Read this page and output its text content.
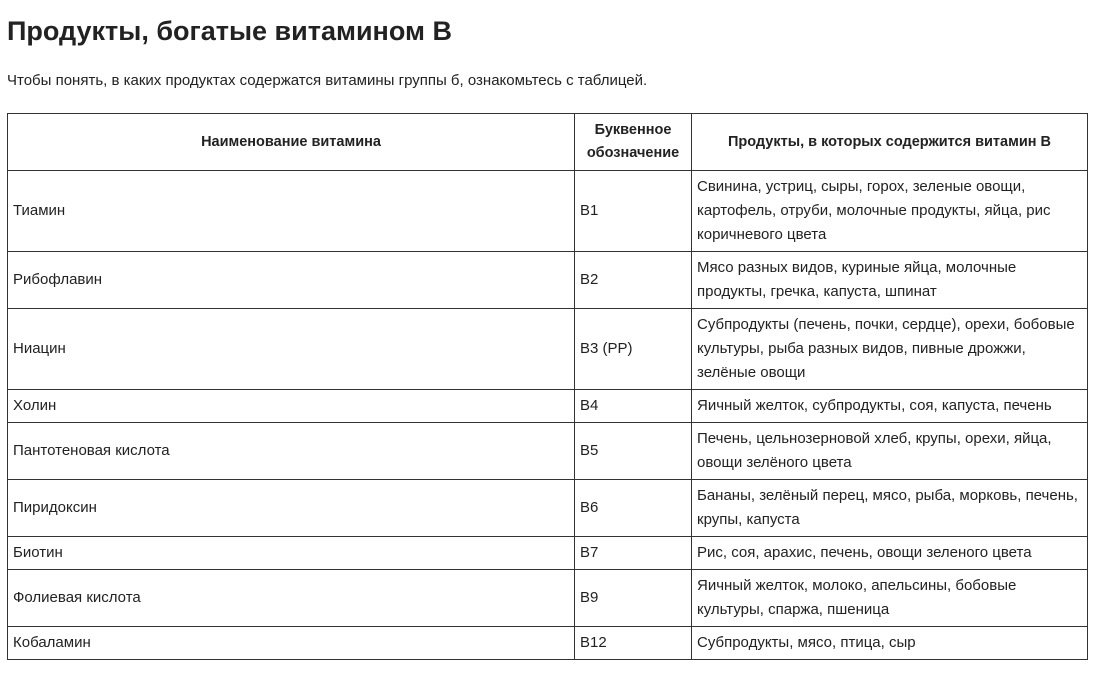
Продукты, богатые витамином В

Чтобы понять, в каких продуктах содержатся витамины группы б, ознакомьтесь с таблицей.

Наименование витамина	Буквенное обозначение	Продукты, в которых содержится витамин В
Тиамин	В1	Свинина, устриц, сыры, горох, зеленые овощи, картофель, отруби, молочные продукты, яйца, рис коричневого цвета
Рибофлавин	В2	Мясо разных видов, куриные яйца, молочные продукты, гречка, капуста, шпинат
Ниацин	В3 (РР)	Субпродукты (печень, почки, сердце), орехи, бобовые культуры, рыба разных видов, пивные дрожжи, зелёные овощи
Холин	В4	Яичный желток, субпродукты, соя, капуста, печень
Пантотеновая кислота	В5	Печень, цельнозерновой хлеб, крупы, орехи, яйца, овощи зелёного цвета
Пиридоксин	В6	Бананы, зелёный перец, мясо, рыба, морковь, печень, крупы, капуста
Биотин	В7	Рис, соя, арахис, печень, овощи зеленого цвета
Фолиевая кислота	В9	Яичный желток, молоко, апельсины, бобовые культуры, спаржа, пшеница
Кобаламин	В12	Субпродукты, мясо, птица, сыр
